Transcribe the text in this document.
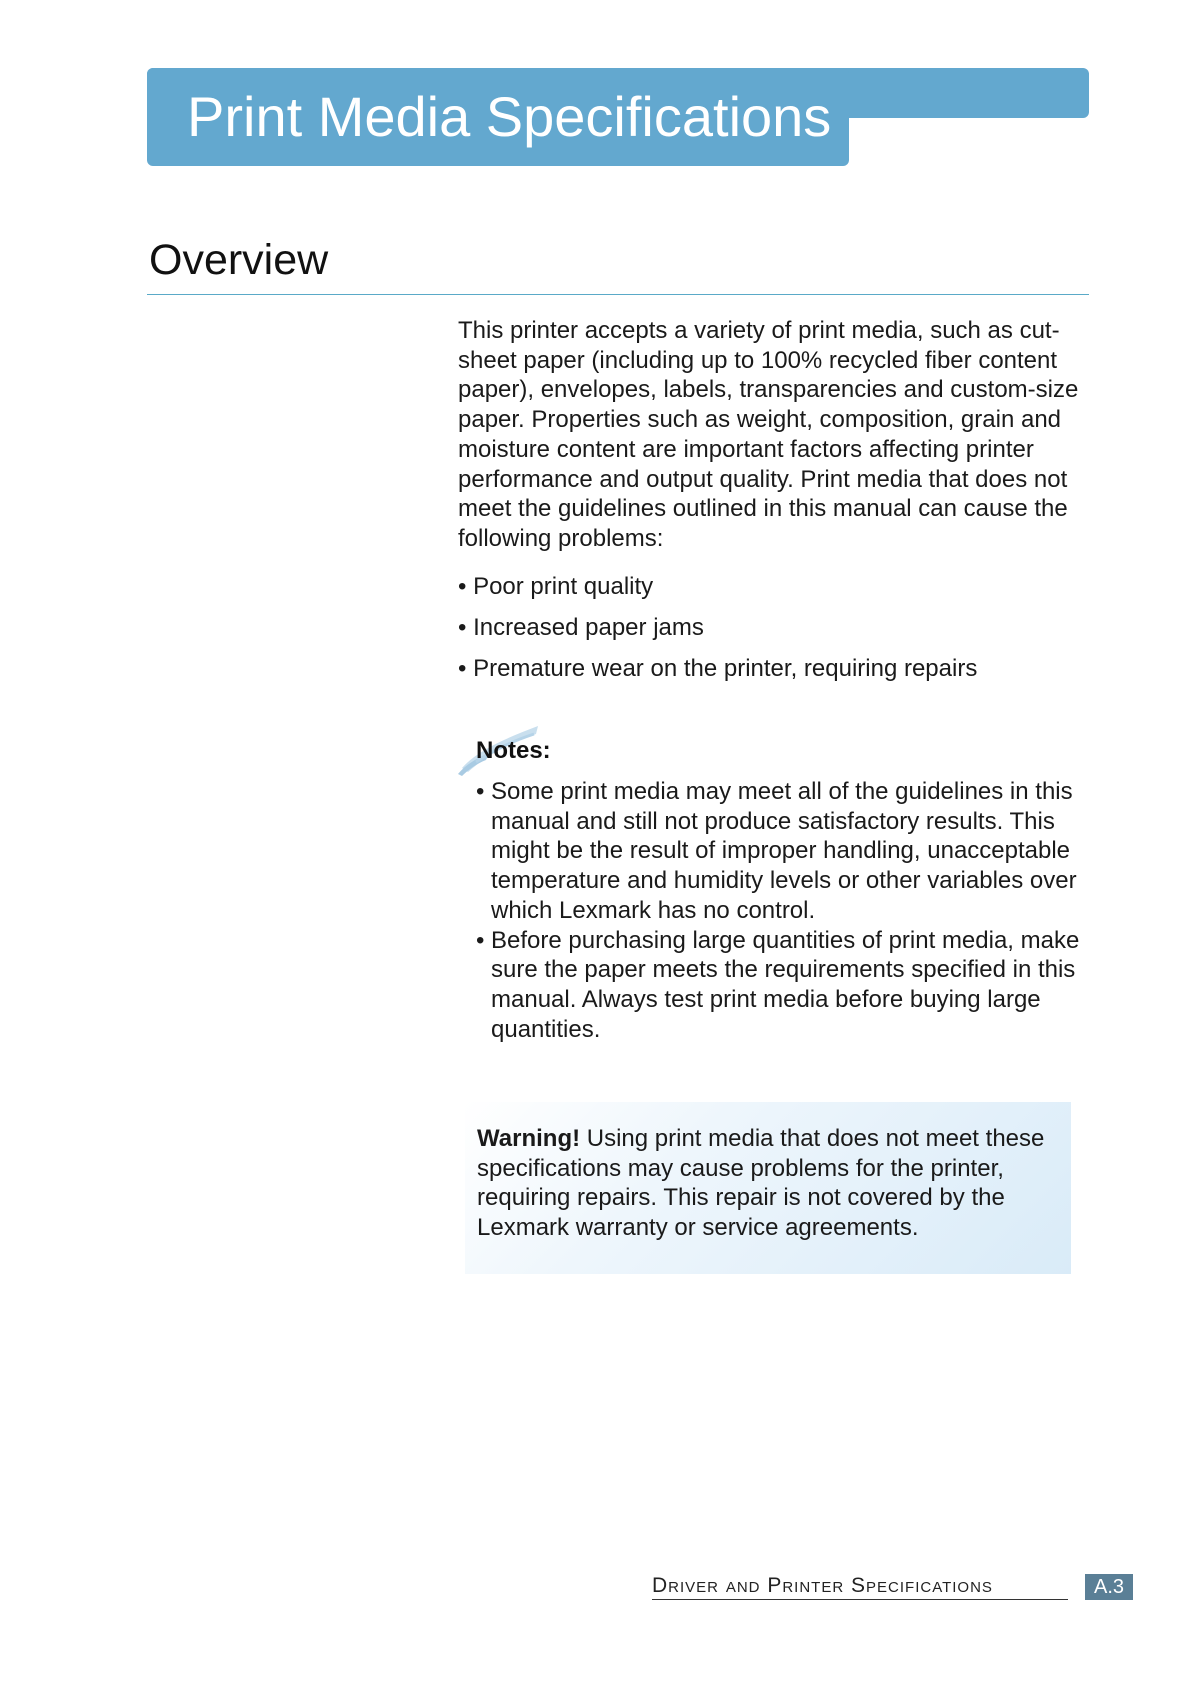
Print Media Specifications
Overview

This printer accepts a variety of print media, such as cut-sheet paper (including up to 100% recycled fiber content paper), envelopes, labels, transparencies and custom-size paper. Properties such as weight, composition, grain and moisture content are important factors affecting printer performance and output quality. Print media that does not meet the guidelines outlined in this manual can cause the following problems:

• Poor print quality
• Increased paper jams
• Premature wear on the printer, requiring repairs
Notes:
• Some print media may meet all of the guidelines in this manual and still not produce satisfactory results. This might be the result of improper handling, unacceptable temperature and humidity levels or other variables over which Lexmark has no control.
• Before purchasing large quantities of print media, make sure the paper meets the requirements specified in this manual. Always test print media before buying large quantities.

Warning! Using print media that does not meet these specifications may cause problems for the printer, requiring repairs. This repair is not covered by the Lexmark warranty or service agreements.

Driver and Printer Specifications	A.3
